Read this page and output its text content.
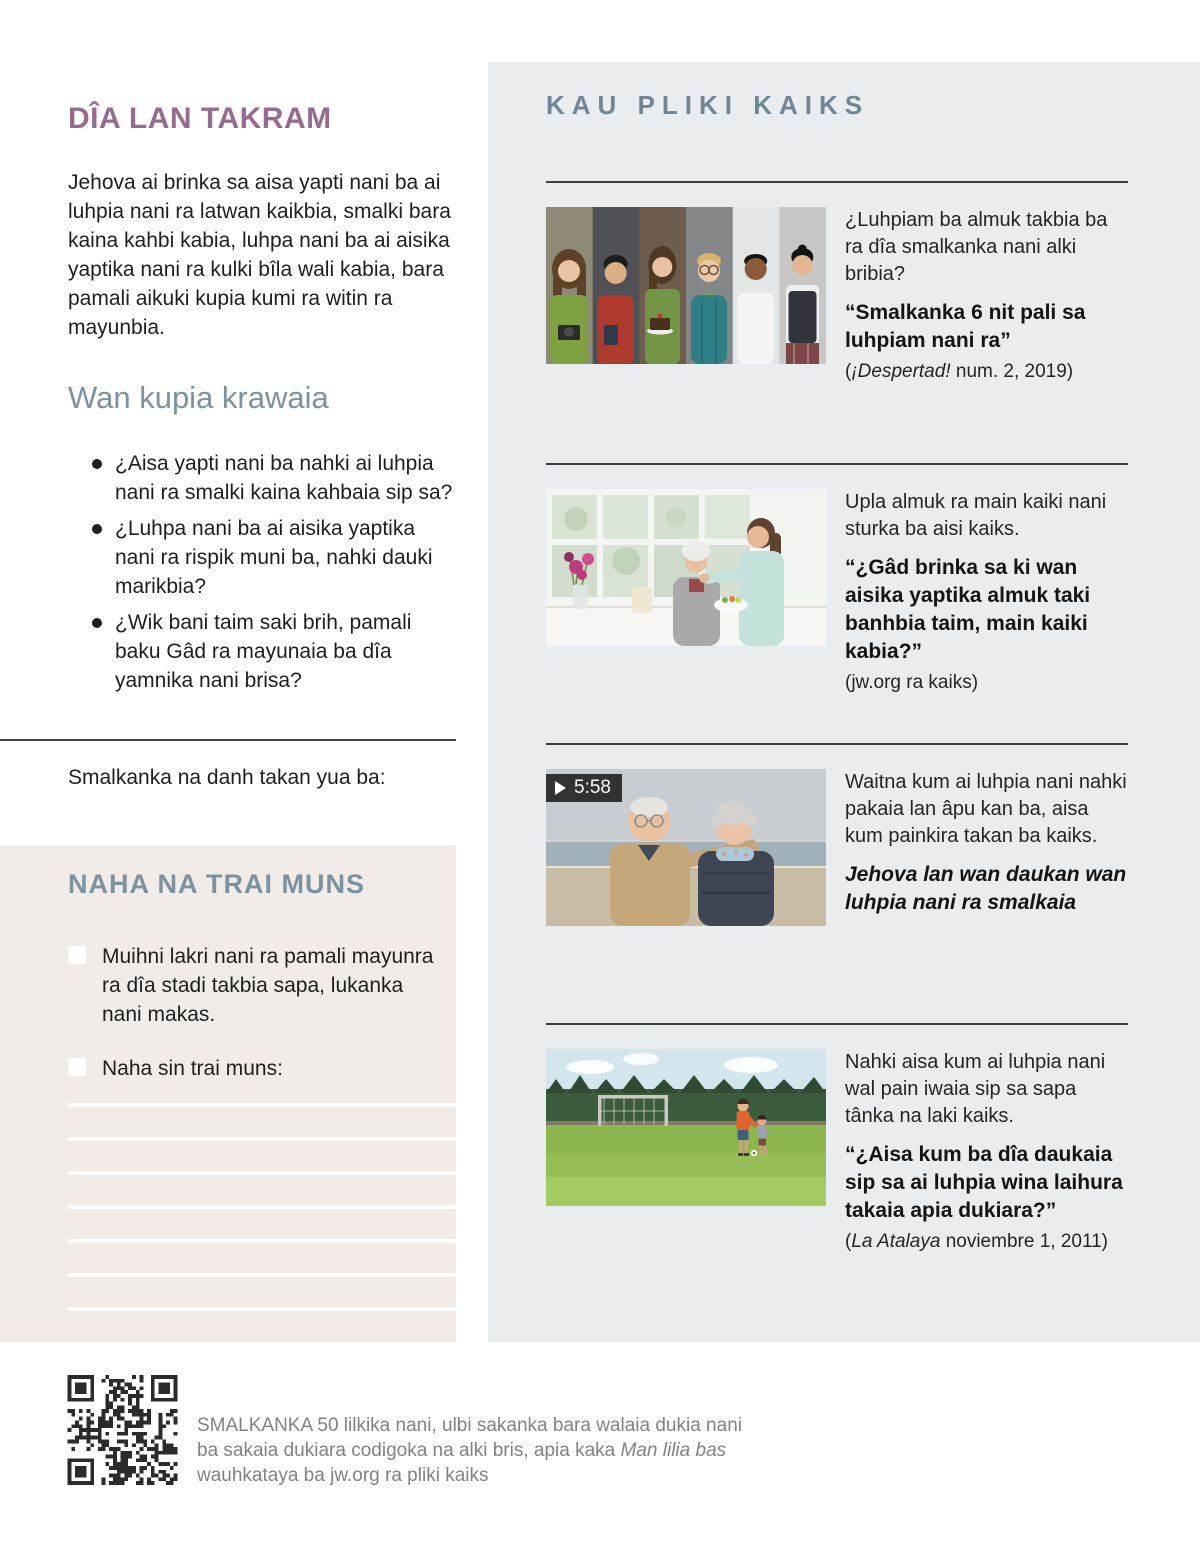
DÎA LAN TAKRAM

Jehova ai brinka sa aisa yapti nani ba ai luhpia nani ra latwan kaikbia, smalki bara kaina kahbi kabia, luhpa nani ba ai aisika yaptika nani ra kulki bîla wali kabia, bara pamali aikuki kupia kumi ra witin ra mayunbia.

Wan kupia krawaia
¿Aisa yapti nani ba nahki ai luhpia nani ra smalki kaina kahbaia sip sa?
¿Luhpa nani ba ai aisika yaptika nani ra rispik muni ba, nahki dauki marikbia?
¿Wik bani taim saki brih, pamali baku Gâd ra mayunaia ba dîa yamnika nani brisa?

Smalkanka na danh takan yua ba:

NAHA NA TRAI MUNS

Muihni lakri nani ra pamali mayunra ra dîa stadi takbia sapa, lukanka nani makas.

Naha sin trai muns:

KAU PLIKI KAIKS

¿Luhpiam ba almuk takbia ba ra dîa smalkanka nani alki bribia?

“Smalkanka 6 nit pali sa luhpiam nani ra”

(¡Despertad! num. 2, 2019)

Upla almuk ra main kaiki nani sturka ba aisi kaiks.

“¿Gâd brinka sa ki wan aisika yaptika almuk taki banhbia taim, main kaiki kabia?”

(jw.org ra kaiks)

5:58	Waitna kum ai luhpia nani nahki pakaia lan âpu kan ba, aisa kum painkira takan ba kaiks.

Jehova lan wan daukan wan luhpia nani ra smalkaia

Nahki aisa kum ai luhpia nani wal pain iwaia sip sa sapa tânka na laki kaiks.

“¿Aisa kum ba dîa daukaia sip sa ai luhpia wina laihura takaia apia dukiara?”

(La Atalaya noviembre 1, 2011)

SMALKANKA 50 lilkika nani, ulbi sakanka bara walaia dukia nani ba sakaia dukiara codigoka na alki bris, apia kaka Man lilia bas wauhkataya ba jw.org ra pliki kaiks
